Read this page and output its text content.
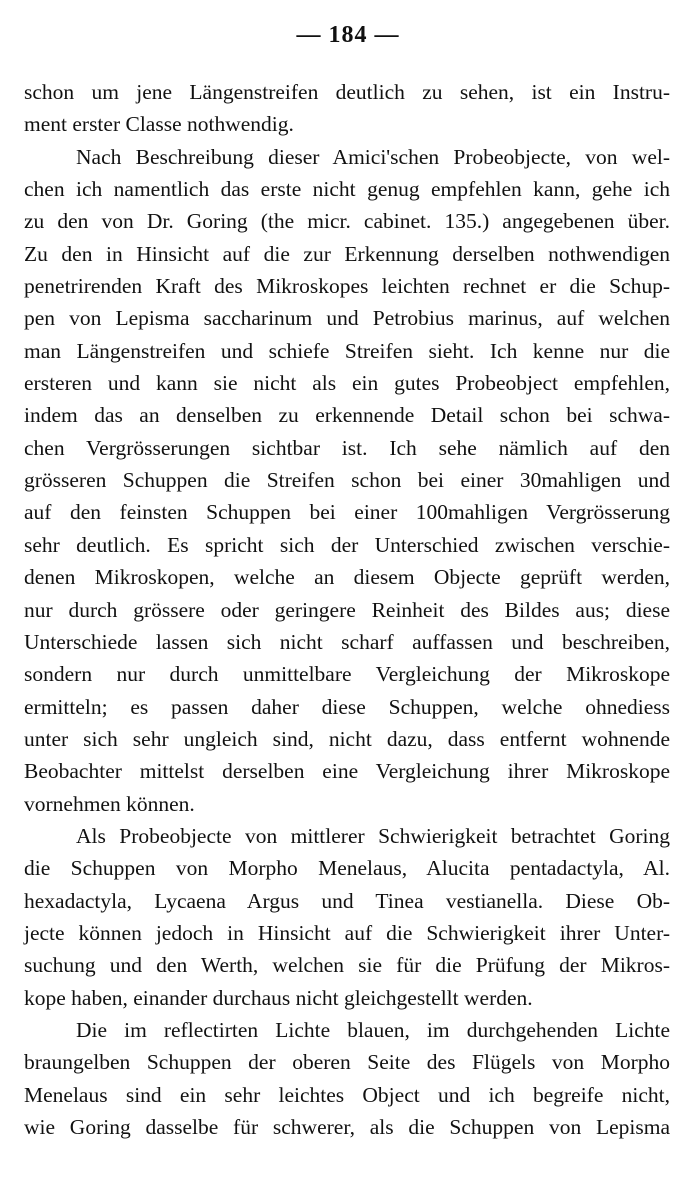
— 184 —
schon um jene Längenstreifen deutlich zu sehen, ist ein Instru-
ment erster Classe nothwendig.
Nach Beschreibung dieser Amici'schen Probeobjecte, von wel-
chen ich namentlich das erste nicht genug empfehlen kann, gehe ich
zu den von Dr. Goring (the micr. cabinet. 135.) angegebenen über.
Zu den in Hinsicht auf die zur Erkennung derselben nothwendigen
penetrirenden Kraft des Mikroskopes leichten rechnet er die Schup-
pen von Lepisma saccharinum und Petrobius marinus, auf welchen
man Längenstreifen und schiefe Streifen sieht. Ich kenne nur die
ersteren und kann sie nicht als ein gutes Probeobject empfehlen,
indem das an denselben zu erkennende Detail schon bei schwa-
chen Vergrösserungen sichtbar ist. Ich sehe nämlich auf den
grösseren Schuppen die Streifen schon bei einer 30mahligen und
auf den feinsten Schuppen bei einer 100mahligen Vergrösserung
sehr deutlich. Es spricht sich der Unterschied zwischen verschie-
denen Mikroskopen, welche an diesem Objecte geprüft werden,
nur durch grössere oder geringere Reinheit des Bildes aus; diese
Unterschiede lassen sich nicht scharf auffassen und beschreiben,
sondern nur durch unmittelbare Vergleichung der Mikroskope
ermitteln; es passen daher diese Schuppen, welche ohnediess
unter sich sehr ungleich sind, nicht dazu, dass entfernt wohnende
Beobachter mittelst derselben eine Vergleichung ihrer Mikroskope
vornehmen können.
Als Probeobjecte von mittlerer Schwierigkeit betrachtet Goring
die Schuppen von Morpho Menelaus, Alucita pentadactyla, Al.
hexadactyla, Lycaena Argus und Tinea vestianella. Diese Ob-
jecte können jedoch in Hinsicht auf die Schwierigkeit ihrer Unter-
suchung und den Werth, welchen sie für die Prüfung der Mikros-
kope haben, einander durchaus nicht gleichgestellt werden.
Die im reflectirten Lichte blauen, im durchgehenden Lichte
braungelben Schuppen der oberen Seite des Flügels von Morpho
Menelaus sind ein sehr leichtes Object und ich begreife nicht,
wie Goring dasselbe für schwerer, als die Schuppen von Lepisma
